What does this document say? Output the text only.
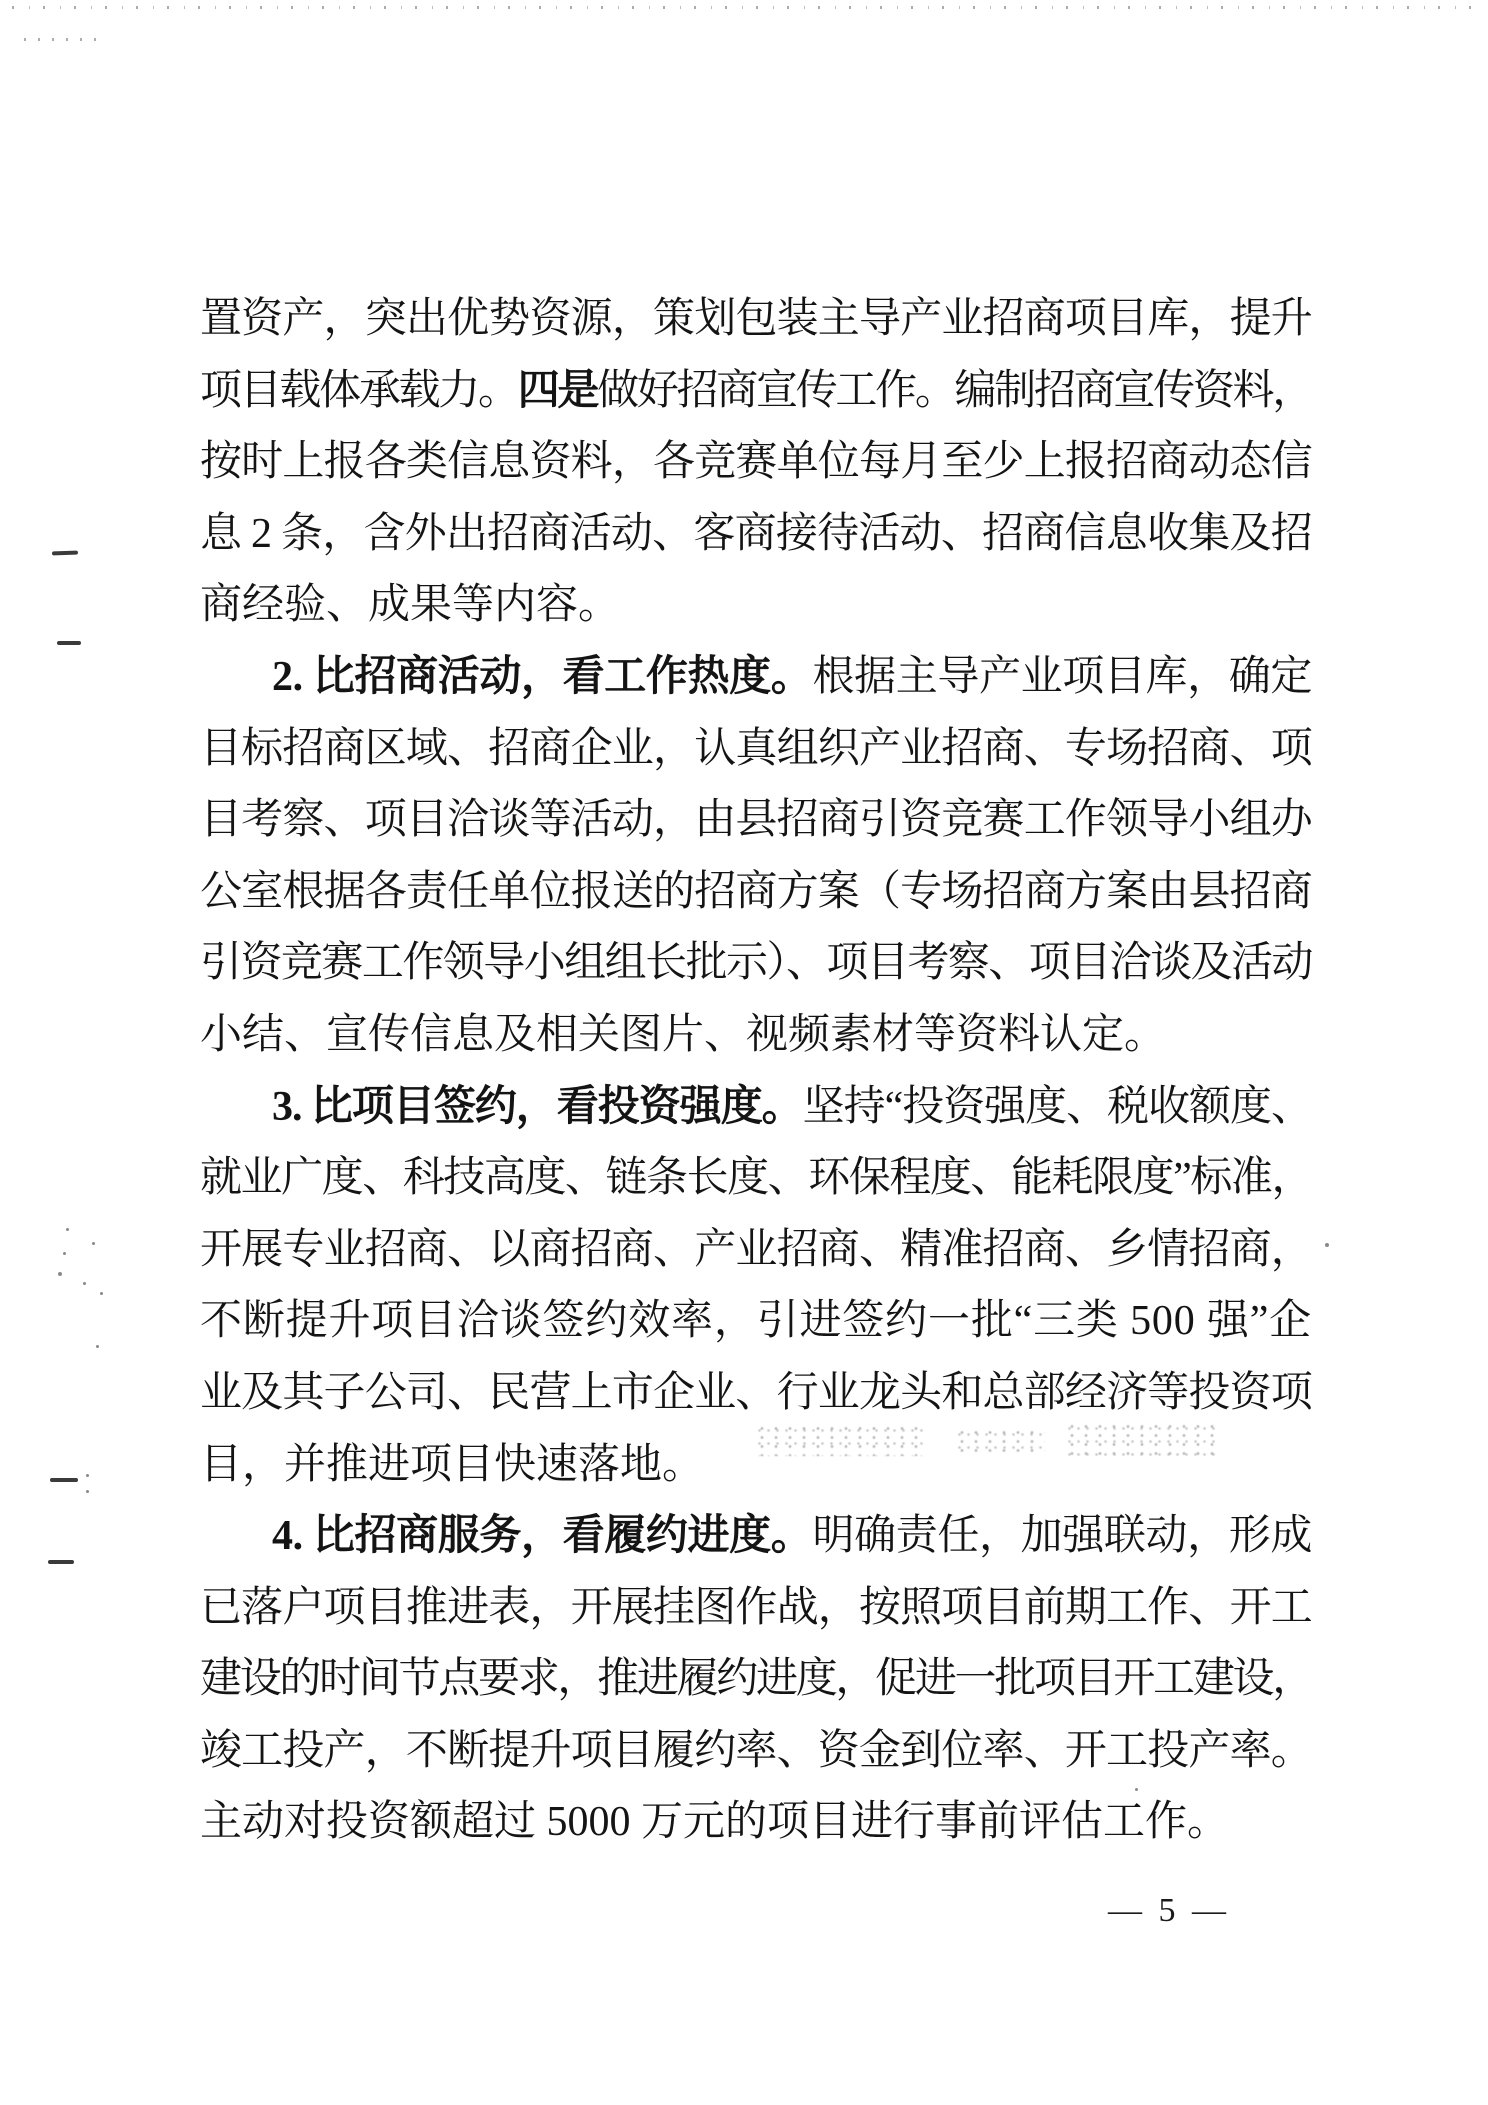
置资产，突出优势资源，策划包装主导产业招商项目库，提升
项目载体承载力。四是做好招商宣传工作。编制招商宣传资料，
按时上报各类信息资料，各竞赛单位每月至少上报招商动态信
息 2 条，含外出招商活动、客商接待活动、招商信息收集及招
商经验、成果等内容。
2. 比招商活动，看工作热度。根据主导产业项目库，确定
目标招商区域、招商企业，认真组织产业招商、专场招商、项
目考察、项目洽谈等活动，由县招商引资竞赛工作领导小组办
公室根据各责任单位报送的招商方案（专场招商方案由县招商
引资竞赛工作领导小组组长批示）、项目考察、项目洽谈及活动
小结、宣传信息及相关图片、视频素材等资料认定。
3. 比项目签约，看投资强度。坚持“投资强度、税收额度、
就业广度、科技高度、链条长度、环保程度、能耗限度”标准，
开展专业招商、以商招商、产业招商、精准招商、乡情招商，
不断提升项目洽谈签约效率，引进签约一批“三类 500 强”企
业及其子公司、民营上市企业、行业龙头和总部经济等投资项
目，并推进项目快速落地。
4. 比招商服务，看履约进度。明确责任，加强联动，形成
已落户项目推进表，开展挂图作战，按照项目前期工作、开工
建设的时间节点要求，推进履约进度，促进一批项目开工建设，
竣工投产，不断提升项目履约率、资金到位率、开工投产率。
主动对投资额超过 5000 万元的项目进行事前评估工作。
— 5 —
